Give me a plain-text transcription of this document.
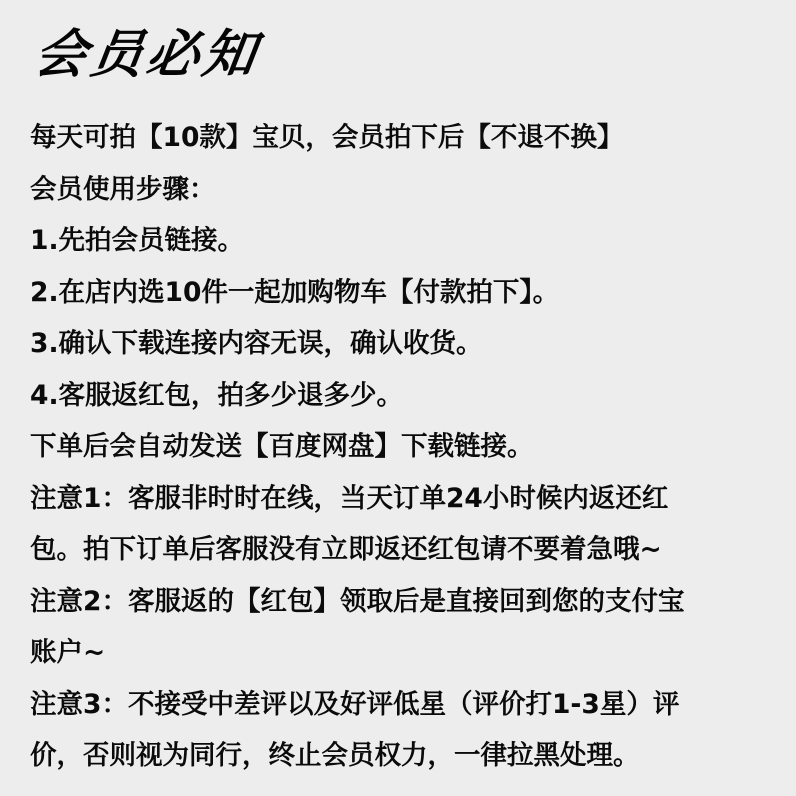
会员必知

每天可拍【10款】宝贝，会员拍下后【不退不换】

会员使用步骤：

1.先拍会员链接。

2.在店内选10件一起加购物车【付款拍下】。

3.确认下载连接内容无误，确认收货。

4.客服返红包，拍多少退多少。

下单后会自动发送【百度网盘】下载链接。

注意1：客服非时时在线，当天订单24小时候内返还红

包。拍下订单后客服没有立即返还红包请不要着急哦~

注意2：客服返的【红包】领取后是直接回到您的支付宝

账户~

注意3：不接受中差评以及好评低星（评价打1-3星）评

价，否则视为同行，终止会员权力，一律拉黑处理。
